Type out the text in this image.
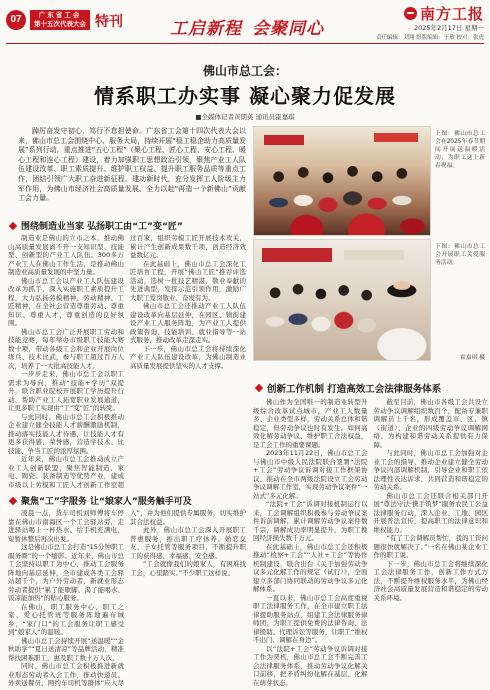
07	广东省工会
第十五次代表大会 特刊	工启新程 会聚同心
南方工报
2025年2月17日 星期一
责任编辑：刘翔 组版编辑：王敏 校对：张虎
佛山市总工会：
情系职工办实事 凝心聚力促发展
■全媒体记者黄朗英 通讯员霍嘉琪

踔厉奋发守初心，笃行不怠担使命。广东省工会第十四次代表大会以来，佛山市总工会围绕中心、服务大局，持续开展“稳工稳企助力高质量发展”系列行动，重点推进“五心工程”（聚心工程、匠心工程、安心工程、暖心工程和连心工程）建设，着力加强职工思想政治引领，聚焦产业工人队伍建设改革、职工素质提升、维护职工权益、提升职工服务品质等重点工作，团结引领广大职工奋进新征程、建功新时代，充分发挥工人阶级主力军作用，为佛山市经济社会高质量发展、全力以赴“再造一个新佛山”贡献工会力量。

上图：佛山市总工会在2025年春节期间开展送温暖活动，为职工送上新春祝福。
下图：佛山市总工会开展职工关爱服务活动。
霍嘉琪 摄
围绕制造业当家 弘扬职工由“工”变“匠”

制造业是佛山的立市之本，推动佛山高质量发展离不开一支知识型、技能型、创新型的产业工人队伍。300多万产业工人在佛山工作生活，是推动佛山制造业高质量发展的中坚力量。

佛山市总工会以产业工人队伍建设改革为抓手，深入实施职工素质提升工程，大力弘扬劳模精神、劳动精神、工匠精神，在全社会营造尊重劳动、尊重知识、尊重人才、尊重创造的良好氛围。

佛山市总工会广泛开展职工劳动和技能竞赛，每年举办市级职工技能大赛数十项，带动各级工会和企业开展岗位练兵、技术比武，参与职工超过百万人次，培养了一大批高技能人才。

一步步走来，佛山市总工会以职工需求为导向，推动“技能+学历”双提升，联合职业院校开展职工学历提升行动，帮助产业工人拓宽职业发展通道，让更多职工实现由“工”变“匠”的转变。

与此同时，佛山市总工会积极推动企业建立健全技能人才薪酬激励机制，推动落实技能人才待遇，让技能人才有更多获得感、荣誉感，营造学技术、比技能、争当工匠的浓厚氛围。

近年来，佛山市总工会推动成立产业工人创新联盟，聚焦智能制造、家电、陶瓷、装备制造等优势产业，建成市级以上劳模和工匠人才创新工作室超过百家，组织劳模工匠开展技术攻关，累计产生创新成果数千项，创造经济效益数亿元。

在此基础上，佛山市总工会深化工匠培育工程，开展“佛山工匠”推荐评选活动，选树一批技艺精湛、敬业奉献的先进典型，发挥示范引领作用，激励广大职工爱岗敬业、奋发有为。

佛山市总工会还推动产业工人队伍建设改革向基层延伸，在园区、镇街建设产业工人服务阵地，为产业工人提供政策咨询、技能培训、就业指导等一站式服务，推动改革走深走实。

下一步，佛山市总工会将持续深化产业工人队伍建设改革，为佛山制造业高质量发展提供坚实的人才支撑。

聚焦“工”字服务 让“娘家人”服务触手可及

凌晨一点，货车司机刘师傅将车停靠在佛山市南海区一个工会驿站旁，走进驿站喝上一杯热水、给手机充满电，短暂休整后再次出发。

这是佛山市总工会打造“15分钟职工服务圈”的一个缩影。近年来，佛山市总工会坚持以职工为中心，推动工会服务阵地向基层延伸，全市建成各类工会驿站超千个，为户外劳动者、新就业形态劳动者提供“累了能歇脚、渴了能喝水、饭凉能加热”的贴心服务。

在佛山，职工服务中心、职工之家、爱心托管班等服务阵地遍布城乡，“家门口”的工会服务让职工感受到“娘家人”的温暖。

佛山市总工会持续开展“送温暖”“金秋助学”“夏日送清凉”等品牌活动，精准帮扶困难职工，惠及职工数十万人次。

同时，佛山市总工会积极推进新就业形态劳动者入会工作，推动快递员、外卖送餐员、网约车司机等群体“应入尽入”，并为他们提供专属服务，切实维护其合法权益。

此外，佛山市总工会深入开展职工普惠服务，推出职工疗休养、婚恋交友、子女托管等服务项目，不断提升职工的获得感、幸福感、安全感。

“工会就像我们的娘家人，有困难找工会，心里踏实。”不少职工这样说。

创新工作机制 打造高效工会法律服务体系

佛山作为全国唯一的制造业转型升级综合改革试点城市，产业工人数量多、企业类型多样，劳动关系总体和谐稳定，但劳动争议也时有发生。如何高效化解劳动争议、维护职工合法权益，是工会工作的重要课题。

2023年11月22日，佛山市总工会与佛山市中级人民法院联合签署“法院+工会”劳动争议诉调对接工作框架协议，推动在全市两级法院设立工会劳动争议调解工作室，实现劳动争议案件“一站式”多元化解。

“法院+工会”诉调对接机制运行以来，工会调解组织积极参与劳动争议案件诉前调解，累计调解劳动争议案件数千宗，调解成功率明显提升，为职工挽回经济损失数千万元。

在此基础上，佛山市总工会还积极推动“检察+工会”“人社+工会”等协作机制建设，联合出台《关于加强劳动争议多元化解工作的规定（试行）》，全面建立多部门协同联动的劳动争议多元化解体系。

一直以来，佛山市总工会高度重视职工法律服务工作，在全市建立职工法律援助服务站点，组建工会法律服务律师团，为职工提供免费的法律咨询、法律援助、代理诉讼等服务，让职工“维权不出门、调解在身边”。

以“法院+工会”劳动争议诉调对接工作为契机，佛山市总工会不断完善工会法律服务体系，推动劳动争议化解关口前移，把矛盾纠纷化解在基层、化解在萌芽状态。

截至目前，佛山市各级工会共设立劳动争议调解组织数百个，配备专兼职调解员上千名，形成覆盖市、区、镇（街道）、企业的四级劳动争议调解网络，为构建和谐劳动关系提供有力保障。

与此同时，佛山市总工会加强对企业工会的指导，推动企业建立健全劳动争议内部调解机制，引导企业和职工依法理性表达诉求，共同营造和谐稳定的劳动关系。

佛山市总工会还联合相关部门开展“尊法守法·携手筑梦”服务农民工公益法律服务行动，深入企业、工地、园区开展普法宣传，提高职工的法律意识和维权能力。

“有了工会调解员帮忙，我的工资问题很快就解决了。”一名在佛山某企业工作的职工说。

下一步，佛山市总工会将继续深化工会法律服务工作，创新工作方式方法，不断提升维权服务水平，为佛山经济社会高质量发展营造和谐稳定的劳动关系环境。
